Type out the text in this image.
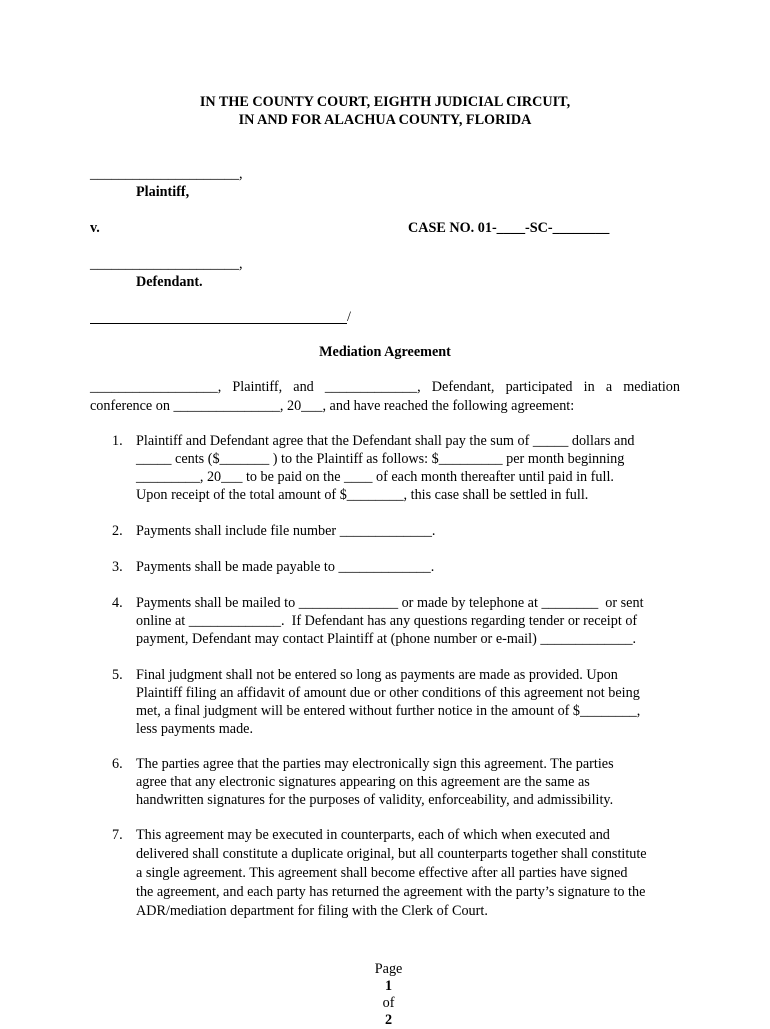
IN THE COUNTY COURT, EIGHTH JUDICIAL CIRCUIT,
IN AND FOR ALACHUA COUNTY, FLORIDA
_____________________,
Plaintiff,
v.	CASE NO. 01-____-SC-________
_____________________,
Defendant.
/
Mediation Agreement
__________________, Plaintiff, and _____________, Defendant, participated in a mediation
conference on _______________, 20___, and have reached the following agreement:
1. Plaintiff and Defendant agree that the Defendant shall pay the sum of _____ dollars and
_____ cents ($_______ ) to the Plaintiff as follows: $_________ per month beginning
_________, 20___ to be paid on the ____ of each month thereafter until paid in full.
Upon receipt of the total amount of $________, this case shall be settled in full.
2. Payments shall include file number _____________.
3. Payments shall be made payable to _____________.
4. Payments shall be mailed to ______________ or made by telephone at ________  or sent
online at _____________.  If Defendant has any questions regarding tender or receipt of
payment, Defendant may contact Plaintiff at (phone number or e-mail) _____________.
5. Final judgment shall not be entered so long as payments are made as provided. Upon
Plaintiff filing an affidavit of amount due or other conditions of this agreement not being
met, a final judgment will be entered without further notice in the amount of $________,
less payments made.
6. The parties agree that the parties may electronically sign this agreement. The parties
agree that any electronic signatures appearing on this agreement are the same as
handwritten signatures for the purposes of validity, enforceability, and admissibility.
7. This agreement may be executed in counterparts, each of which when executed and
delivered shall constitute a duplicate original, but all counterparts together shall constitute
a single agreement. This agreement shall become effective after all parties have signed
the agreement, and each party has returned the agreement with the party’s signature to the
ADR/mediation department for filing with the Clerk of Court.

Page
1
of
2
